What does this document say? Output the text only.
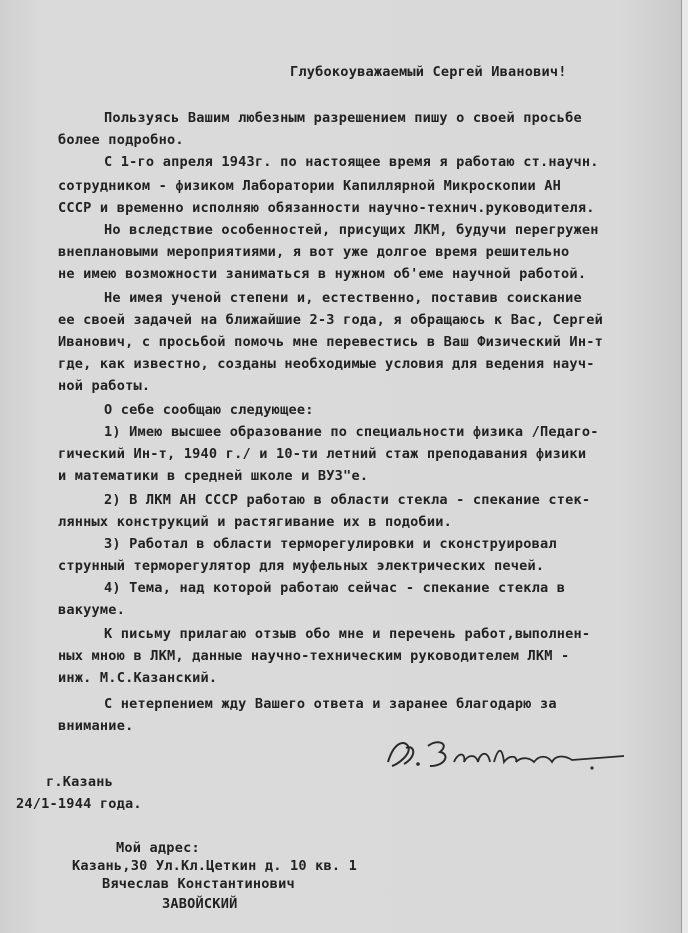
Глубокоуважаемый Сергей Иванович!
Пользуясь Вашим любезным разрешением пишу о своей просьбе
более подробно.
С 1-го апреля 1943г. по настоящее время я работаю ст.научн.
сотрудником - физиком Лаборатории Капиллярной Микроскопии АН
СССР и временно исполняю обязанности научно-технич.руководителя.
Но вследствие особенностей, присущих ЛКМ, будучи перегружен
внеплановыми мероприятиями, я вот уже долгое время решительно
не имею возможности заниматься в нужном об'еме научной работой.
Не имея ученой степени и, естественно, поставив соискание
ее своей задачей на ближайшие 2-3 года, я обращаюсь к Вас, Сергей
Иванович, с просьбой помочь мне перевестись в Ваш Физический Ин-т
где, как известно, созданы необходимые условия для ведения науч-
ной работы.
О себе сообщаю следующее:
1) Имею высшее образование по специальности физика /Педаго-
гический Ин-т, 1940 г./ и 10-ти летний стаж преподавания физики
и математики в средней школе и ВУЗ"е.
2) В ЛКМ АН СССР работаю в области стекла - спекание стек-
лянных конструкций и растягивание их в подобии.
3) Работал в области терморегулировки и сконструировал
струнный терморегулятор для муфельных электрических печей.
4) Тема, над которой работаю сейчас - спекание стекла в
вакууме.
К письму прилагаю отзыв обо мне и перечень работ,выполнен-
ных мною в ЛКМ, данные научно-техническим руководителем ЛКМ -
инж. М.С.Казанский.
С нетерпением жду Вашего ответа и заранее благодарю за
внимание.
г.Казань
24/1-1944 года.
Мой адрес:
Казань,30 Ул.Кл.Цеткин д. 10 кв. 1
Вячеслав Константинович
ЗАВОЙСКИЙ
